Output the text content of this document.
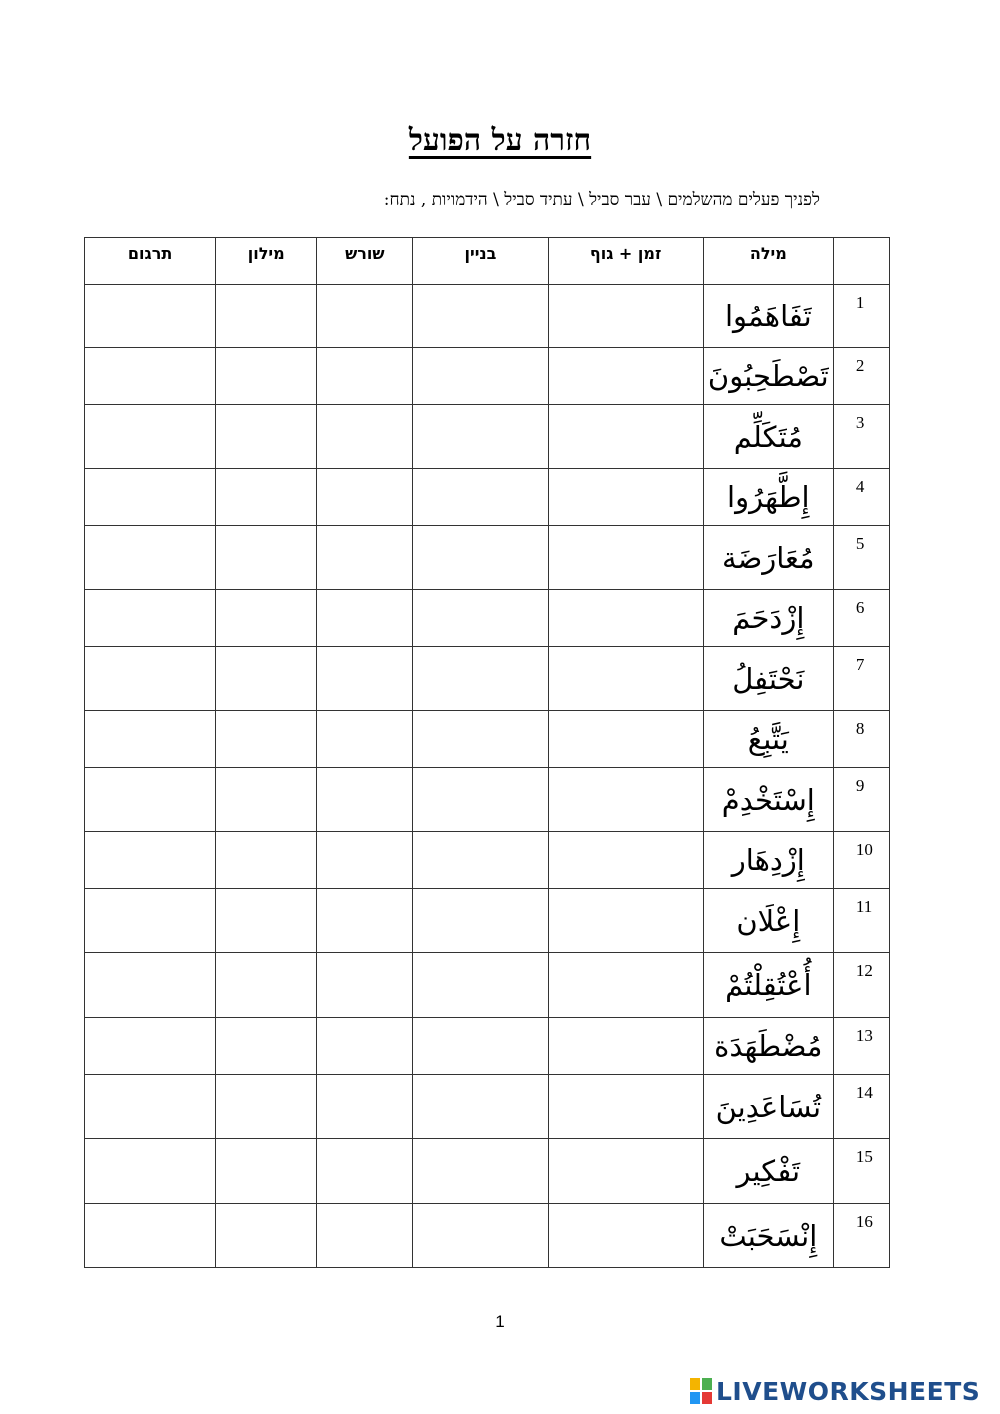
חזרה על הפועל
לפניך פעלים מהשלמים \ עבר סביל \ עתיד סביל \ הידמויות , נתח:
תרגום	מילון	שורש	בניין	זמן + גוף	מילה	
					تَفَاهَمُوا	1
					تَصْطَحِبُونَ	2
					مُتَكَلِّم	3
					إِطَّهَرُوا	4
					مُعَارَضَة	5
					إِزْدَحَمَ	6
					نَحْتَفِلُ	7
					يَتَّبِعُ	8
					إِسْتَخْدِمْ	9
					إِزْدِهَار	10
					إِعْلَان	11
					أُعْتُقِلْتُمْ	12
					مُضْطَهَدَة	13
					تُسَاعَدِينَ	14
					تَفْكِير	15
					إِنْسَحَبَتْ	16
1
LIVEWORKSHEETS
